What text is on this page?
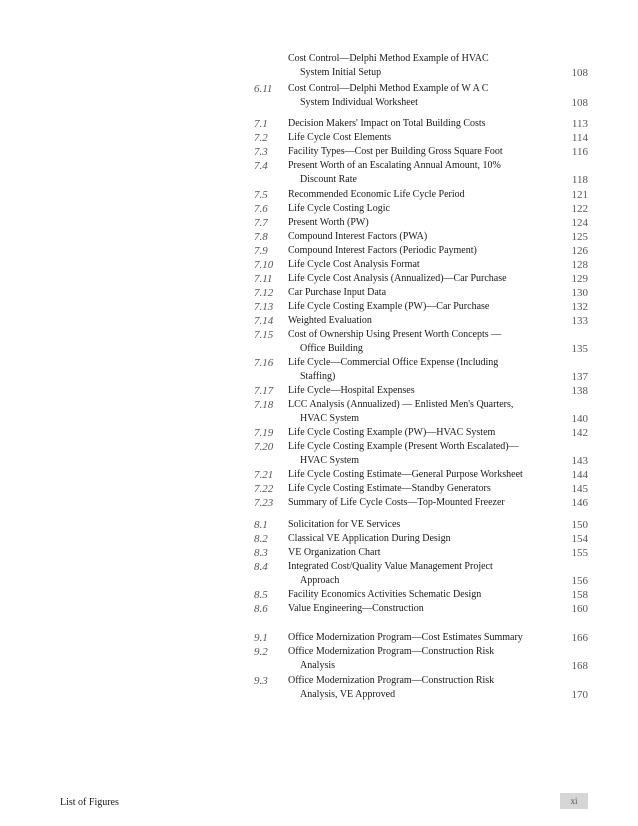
Cost Control—Delphi Method Example of HVAC
System Initial Setup	108
6.11	Cost Control—Delphi Method Example of W A C
System Individual Worksheet	108
7.1	Decision Makers' Impact on Total Building Costs	113
7.2	Life Cycle Cost Elements	114
7.3	Facility Types—Cost per Building Gross Square Foot	116
7.4	Present Worth of an Escalating Annual Amount, 10%
Discount Rate	118
7.5	Recommended Economic Life Cycle Period	121
7.6	Life Cycle Costing Logic	122
7.7	Present Worth (PW)	124
7.8	Compound Interest Factors (PWA)	125
7.9	Compound Interest Factors (Periodic Payment)	126
7.10	Life Cycle Cost Analysis Format	128
7.11	Life Cycle Cost Analysis (Annualized)—Car Purchase	129
7.12	Car Purchase Input Data	130
7.13	Life Cycle Costing Example (PW)—Car Purchase	132
7.14	Weighted Evaluation	133
7.15	Cost of Ownership Using Present Worth Concepts —
Office Building	135
7.16	Life Cycle—Commercial Office Expense (Including
Staffing)	137
7.17	Life Cycle—Hospital Expenses	138
7.18	LCC Analysis (Annualized) — Enlisted Men's Quarters,
HVAC System	140
7.19	Life Cycle Costing Example (PW)—HVAC System	142
7.20	Life Cycle Costing Example (Present Worth Escalated)—
HVAC System	143
7.21	Life Cycle Costing Estimate—General Purpose Worksheet	144
7.22	Life Cycle Costing Estimate—Standby Generators	145
7.23	Summary of Life Cycle Costs—Top-Mounted Freezer	146
8.1	Solicitation for VE Services	150
8.2	Classical VE Application During Design	154
8.3	VE Organization Chart	155
8.4	Integrated Cost/Quality Value Management Project
Approach	156
8.5	Facility Economics Activities Schematic Design	158
8.6	Value Engineering—Construction	160
9.1	Office Modernization Program—Cost Estimates Summary	166
9.2	Office Modernization Program—Construction Risk
Analysis	168
9.3	Office Modernization Program—Construction Risk
Analysis, VE Approved	170
List of Figures	xi
